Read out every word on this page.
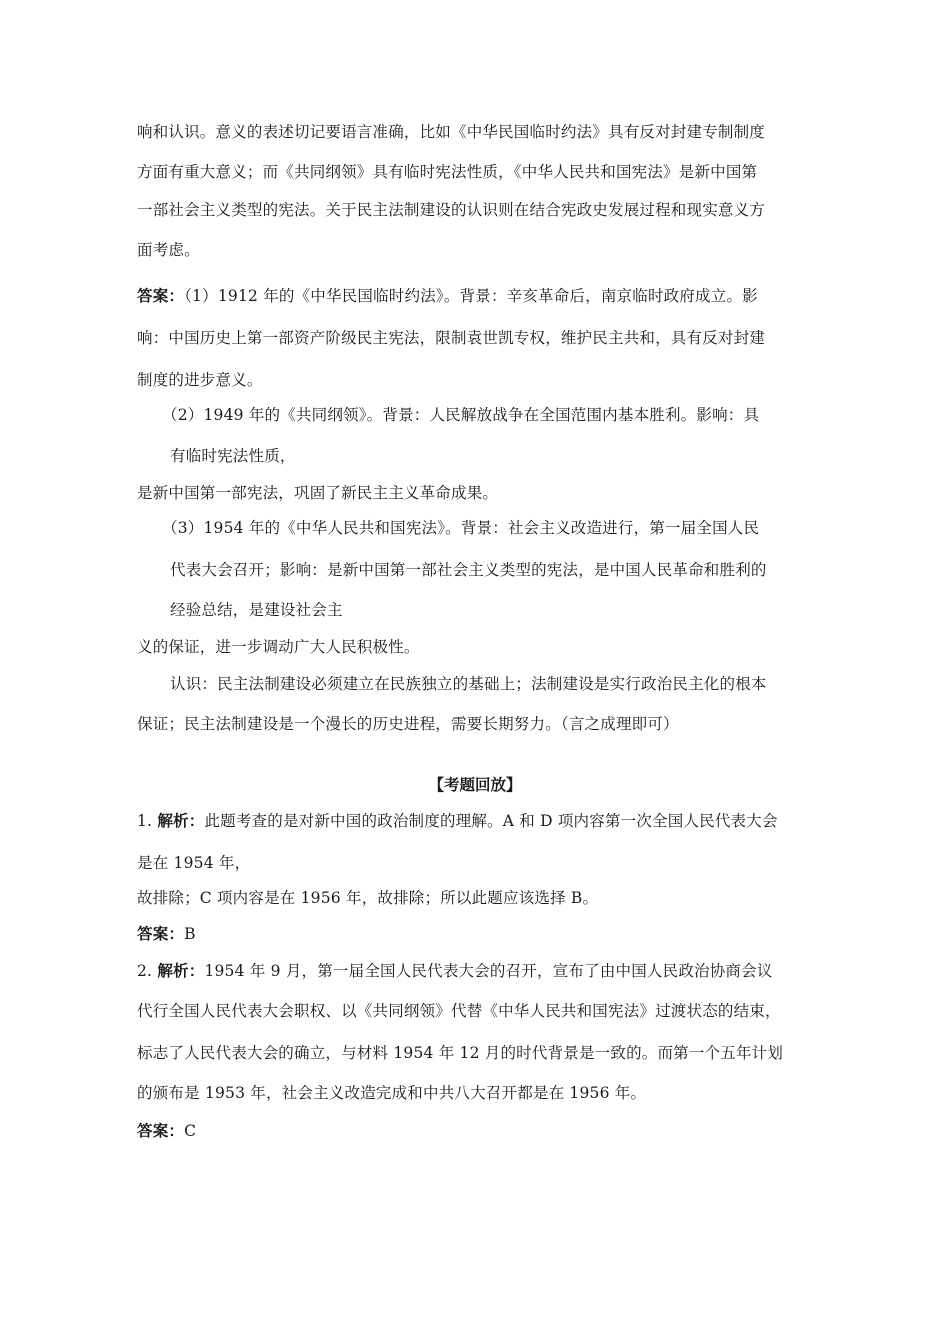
响和认识。意义的表述切记要语言准确，比如《中华民国临时约法》具有反对封建专制制度
方面有重大意义；而《共同纲领》具有临时宪法性质，《中华人民共和国宪法》是新中国第
一部社会主义类型的宪法。关于民主法制建设的认识则在结合宪政史发展过程和现实意义方
面考虑。
答案：（1）1912 年的《中华民国临时约法》。背景：辛亥革命后，南京临时政府成立。影
响：中国历史上第一部资产阶级民主宪法，限制袁世凯专权，维护民主共和，具有反对封建
制度的进步意义。
（2）1949 年的《共同纲领》。背景：人民解放战争在全国范围内基本胜利。影响：具
有临时宪法性质，
是新中国第一部宪法，巩固了新民主主义革命成果。
（3）1954 年的《中华人民共和国宪法》。背景：社会主义改造进行，第一届全国人民
代表大会召开；影响：是新中国第一部社会主义类型的宪法，是中国人民革命和胜利的
经验总结，是建设社会主
义的保证，进一步调动广大人民积极性。
认识：民主法制建设必须建立在民族独立的基础上；法制建设是实行政治民主化的根本
保证；民主法制建设是一个漫长的历史进程，需要长期努力。（言之成理即可）
【考题回放】
1. 解析：此题考查的是对新中国的政治制度的理解。A 和 D 项内容第一次全国人民代表大会
是在 1954 年，
故排除；C 项内容是在 1956 年，故排除；所以此题应该选择 B。
答案：B
2. 解析：1954 年 9 月，第一届全国人民代表大会的召开，宣布了由中国人民政治协商会议
代行全国人民代表大会职权、以《共同纲领》代替《中华人民共和国宪法》过渡状态的结束，
标志了人民代表大会的确立，与材料 1954 年 12 月的时代背景是一致的。而第一个五年计划
的颁布是 1953 年，社会主义改造完成和中共八大召开都是在 1956 年。
答案：C
